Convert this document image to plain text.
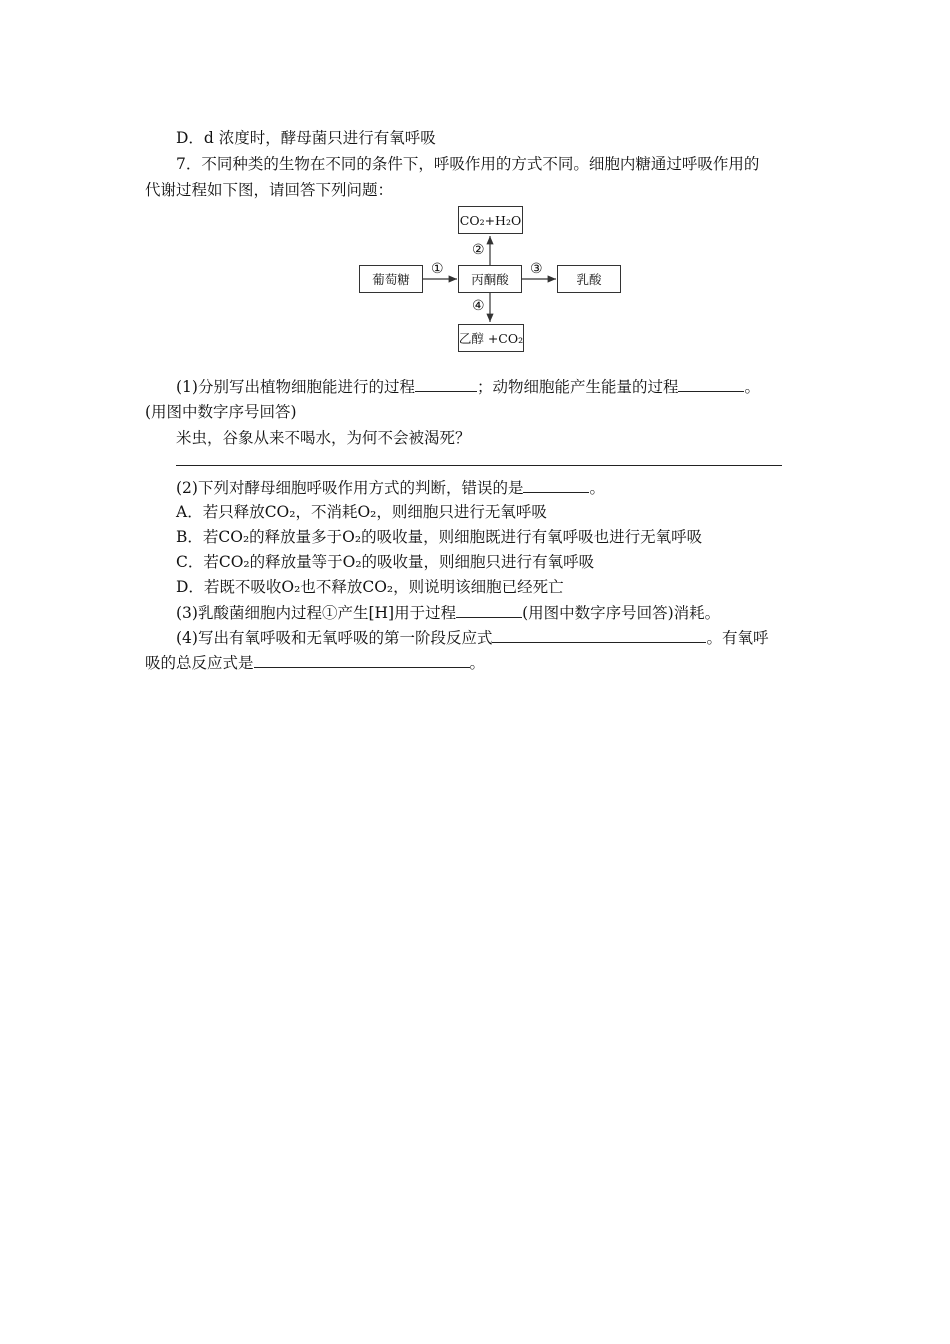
D．d 浓度时，酵母菌只进行有氧呼吸
7．不同种类的生物在不同的条件下，呼吸作用的方式不同。细胞内糖通过呼吸作用的
代谢过程如下图，请回答下列问题：
CO₂+H₂O
②
葡萄糖
①
丙酮酸
③
乳酸
④
乙醇 +CO₂
(1)分别写出植物细胞能进行的过程	；动物细胞能产生能量的过程	。
(用图中数字序号回答)
米虫，谷象从来不喝水，为何不会被渴死？
(2)下列对酵母细胞呼吸作用方式的判断，错误的是	。
A．若只释放CO₂，不消耗O₂，则细胞只进行无氧呼吸
B．若CO₂的释放量多于O₂的吸收量，则细胞既进行有氧呼吸也进行无氧呼吸
C．若CO₂的释放量等于O₂的吸收量，则细胞只进行有氧呼吸
D．若既不吸收O₂也不释放CO₂，则说明该细胞已经死亡
(3)乳酸菌细胞内过程①产生[H]用于过程	(用图中数字序号回答)消耗。
(4)写出有氧呼吸和无氧呼吸的第一阶段反应式	。有氧呼
吸的总反应式是	。
